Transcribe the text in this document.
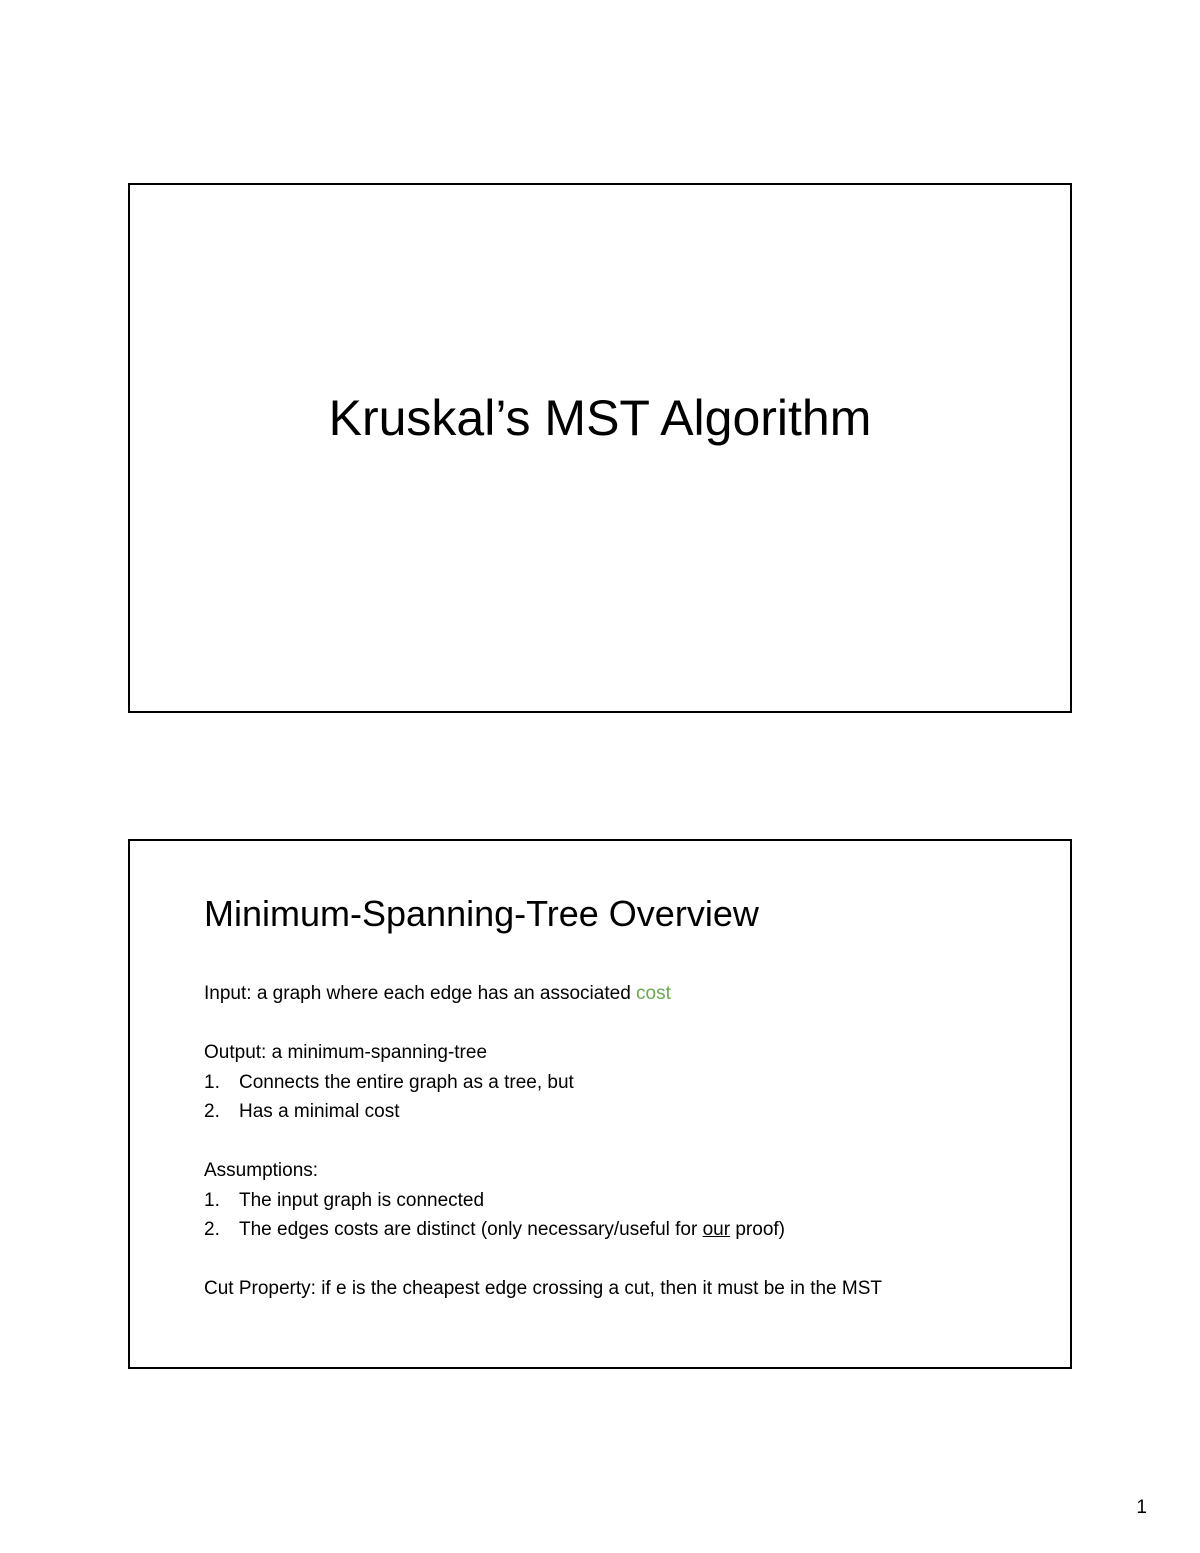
Kruskal’s MST Algorithm
Minimum-Spanning-Tree Overview

Input: a graph where each edge has an associated cost

Output: a minimum-spanning-tree

1. Connects the entire graph as a tree, but
2. Has a minimal cost

Assumptions:

1. The input graph is connected
2. The edges costs are distinct (only necessary/useful for our proof)

Cut Property: if e is the cheapest edge crossing a cut, then it must be in the MST

1
